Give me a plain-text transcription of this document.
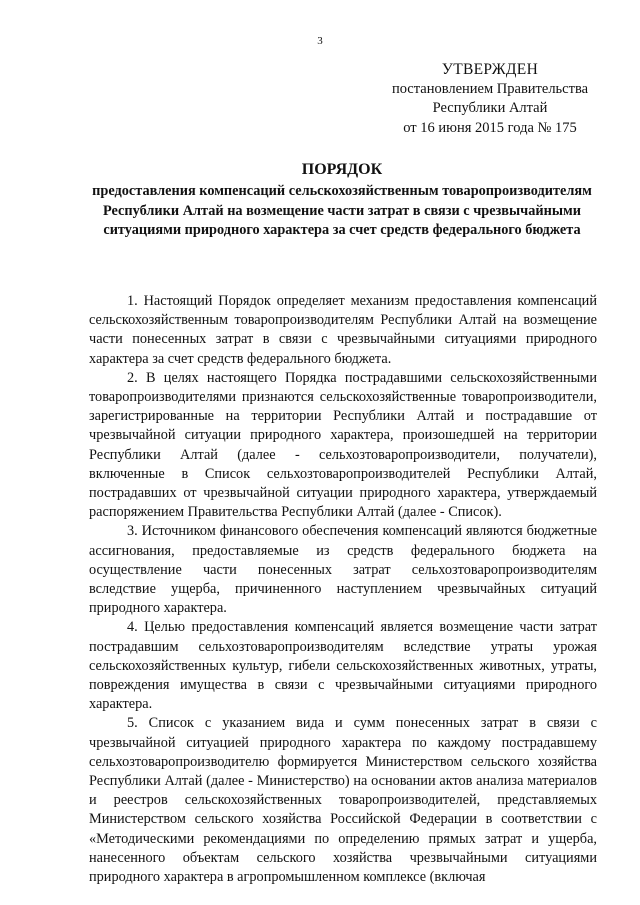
3
УТВЕРЖДЕН
постановлением Правительства
Республики Алтай
от 16 июня 2015 года № 175
ПОРЯДОК
предоставления компенсаций сельскохозяйственным товаропроизводителям Республики Алтай на возмещение части затрат в связи с чрезвычайными ситуациями природного характера за счет средств федерального бюджета

1. Настоящий Порядок определяет механизм предоставления компенсаций сельскохозяйственным товаропроизводителям Республики Алтай на возмещение части понесенных затрат в связи с чрезвычайными ситуациями природного характера за счет средств федерального бюджета.

2. В целях настоящего Порядка пострадавшими сельскохозяйственными товаропроизводителями признаются сельскохозяйственные товаропроизводители, зарегистрированные на территории Республики Алтай и пострадавшие от чрезвычайной ситуации природного характера, произошедшей на территории Республики Алтай (далее - сельхозтоваропроизводители, получатели), включенные в Список сельхозтоваропроизводителей Республики Алтай, пострадавших от чрезвычайной ситуации природного характера, утверждаемый распоряжением Правительства Республики Алтай (далее - Список).

3. Источником финансового обеспечения компенсаций являются бюджетные ассигнования, предоставляемые из средств федерального бюджета на осуществление части понесенных затрат сельхозтоваропроизводителям вследствие ущерба, причиненного наступлением чрезвычайных ситуаций природного характера.

4. Целью предоставления компенсаций является возмещение части затрат пострадавшим сельхозтоваропроизводителям вследствие утраты урожая сельскохозяйственных культур, гибели сельскохозяйственных животных, утраты, повреждения имущества в связи с чрезвычайными ситуациями природного характера.

5. Список с указанием вида и сумм понесенных затрат в связи с чрезвычайной ситуацией природного характера по каждому пострадавшему сельхозтоваропроизводителю формируется Министерством сельского хозяйства Республики Алтай (далее - Министерство) на основании актов анализа материалов и реестров сельскохозяйственных товаропроизводителей, представляемых Министерством сельского хозяйства Российской Федерации в соответствии с «Методическими рекомендациями по определению прямых затрат и ущерба, нанесенного объектам сельского хозяйства чрезвычайными ситуациями природного характера в агропромышленном комплексе (включая
